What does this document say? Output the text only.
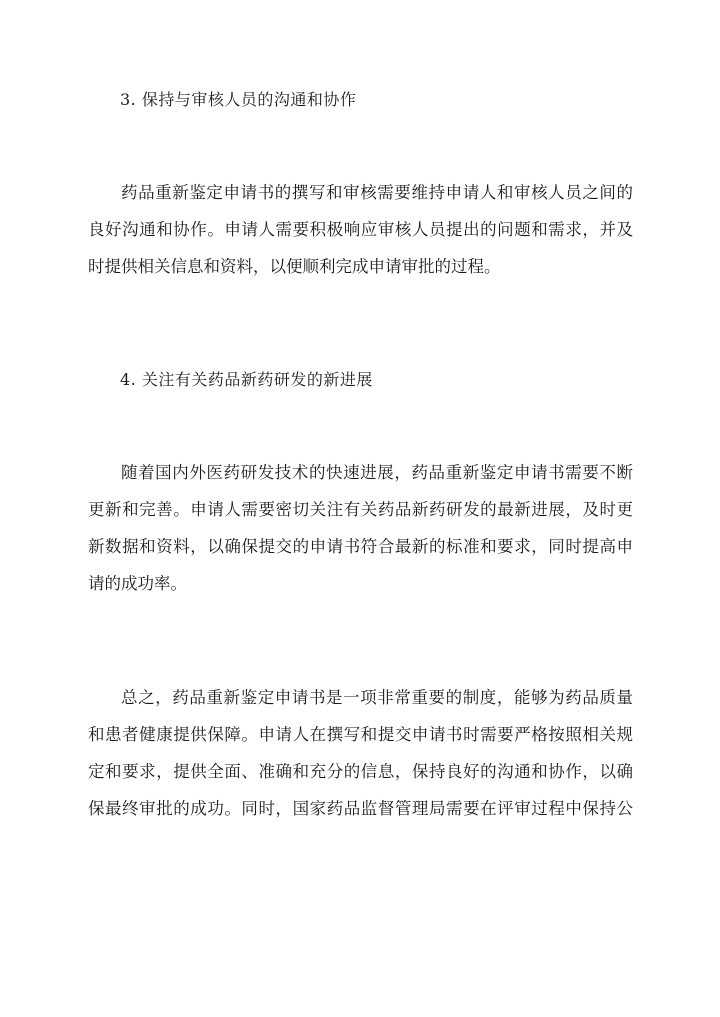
3. 保持与审核人员的沟通和协作
药品重新鉴定申请书的撰写和审核需要维持申请人和审核人员之间的
良好沟通和协作。申请人需要积极响应审核人员提出的问题和需求，并及
时提供相关信息和资料，以便顺利完成申请审批的过程。
4. 关注有关药品新药研发的新进展
随着国内外医药研发技术的快速进展，药品重新鉴定申请书需要不断
更新和完善。申请人需要密切关注有关药品新药研发的最新进展，及时更
新数据和资料，以确保提交的申请书符合最新的标准和要求，同时提高申
请的成功率。
总之，药品重新鉴定申请书是一项非常重要的制度，能够为药品质量
和患者健康提供保障。申请人在撰写和提交申请书时需要严格按照相关规
定和要求，提供全面、准确和充分的信息，保持良好的沟通和协作，以确
保最终审批的成功。同时，国家药品监督管理局需要在评审过程中保持公
